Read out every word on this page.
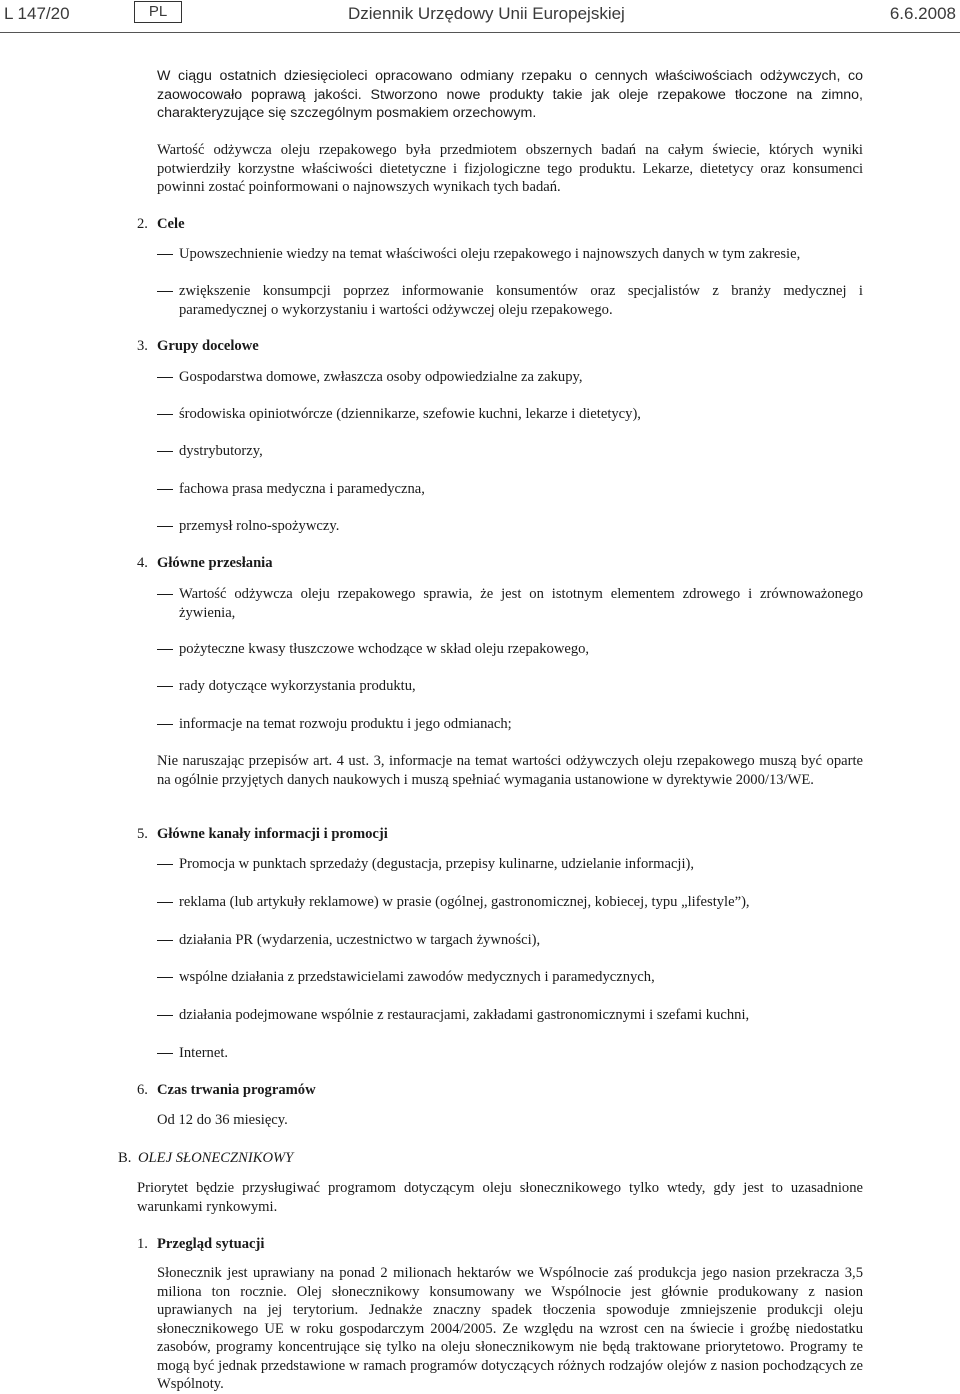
L 147/20	PL	Dziennik Urzędowy Unii Europejskiej	6.6.2008

W ciągu ostatnich dziesięcioleci opracowano odmiany rzepaku o cennych właściwościach odżywczych, co zaowocowało poprawą jakości. Stworzono nowe produkty takie jak oleje rzepakowe tłoczone na zimno, charakteryzujące się szczególnym posmakiem orzechowym.

Wartość odżywcza oleju rzepakowego była przedmiotem obszernych badań na całym świecie, których wyniki potwierdziły korzystne właściwości dietetyczne i fizjologiczne tego produktu. Lekarze, dietetycy oraz konsumenci powinni zostać poinformowani o najnowszych wynikach tych badań.

2. Cele
Upowszechnienie wiedzy na temat właściwości oleju rzepakowego i najnowszych danych w tym zakresie,
zwiększenie konsumpcji poprzez informowanie konsumentów oraz specjalistów z branży medycznej i paramedycznej o wykorzystaniu i wartości odżywczej oleju rzepakowego.
3. Grupy docelowe
Gospodarstwa domowe, zwłaszcza osoby odpowiedzialne za zakupy,
środowiska opiniotwórcze (dziennikarze, szefowie kuchni, lekarze i dietetycy),
dystrybutorzy,
fachowa prasa medyczna i paramedyczna,
przemysł rolno-spożywczy.
4. Główne przesłania
Wartość odżywcza oleju rzepakowego sprawia, że jest on istotnym elementem zdrowego i zrównoważonego żywienia,
pożyteczne kwasy tłuszczowe wchodzące w skład oleju rzepakowego,
rady dotyczące wykorzystania produktu,
informacje na temat rozwoju produktu i jego odmianach;

Nie naruszając przepisów art. 4 ust. 3, informacje na temat wartości odżywczych oleju rzepakowego muszą być oparte na ogólnie przyjętych danych naukowych i muszą spełniać wymagania ustanowione w dyrektywie 2000/13/WE.

5. Główne kanały informacji i promocji
Promocja w punktach sprzedaży (degustacja, przepisy kulinarne, udzielanie informacji),
reklama (lub artykuły reklamowe) w prasie (ogólnej, gastronomicznej, kobiecej, typu „lifestyle”),
działania PR (wydarzenia, uczestnictwo w targach żywności),
wspólne działania z przedstawicielami zawodów medycznych i paramedycznych,
działania podejmowane wspólnie z restauracjami, zakładami gastronomicznymi i szefami kuchni,
Internet.
6. Czas trwania programów

Od 12 do 36 miesięcy.

B. OLEJ SŁONECZNIKOWY

Priorytet będzie przysługiwać programom dotyczącym oleju słonecznikowego tylko wtedy, gdy jest to uzasadnione warunkami rynkowymi.

1. Przegląd sytuacji

Słonecznik jest uprawiany na ponad 2 milionach hektarów we Wspólnocie zaś produkcja jego nasion przekracza 3,5 miliona ton rocznie. Olej słonecznikowy konsumowany we Wspólnocie jest głównie produkowany z nasion uprawianych na jej terytorium. Jednakże znaczny spadek tłoczenia spowoduje zmniejszenie produkcji oleju słonecznikowego UE w roku gospodarczym 2004/2005. Ze względu na wzrost cen na świecie i groźbę niedostatku zasobów, programy koncentrujące się tylko na oleju słonecznikowym nie będą traktowane priorytetowo. Programy te mogą być jednak przedstawione w ramach programów dotyczących różnych rodzajów olejów z nasion pochodzących ze Wspólnoty.
